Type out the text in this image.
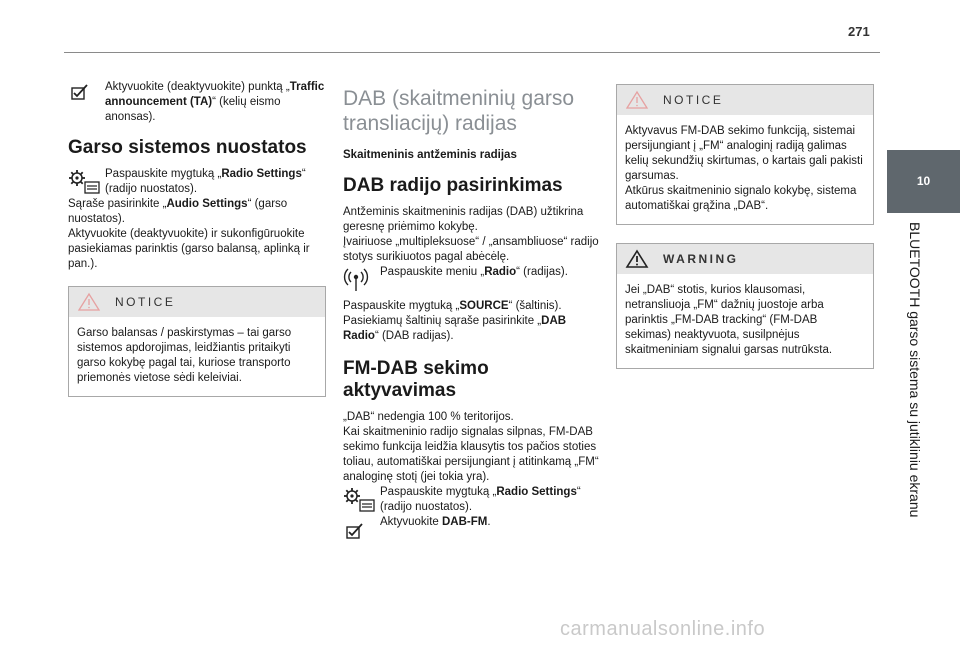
271

Aktyvuokite (deaktyvuokite) punktą „Traffic announcement (TA)“ (kelių eismo anonsas).

Garso sistemos nuostatos

Paspauskite mygtuką „Radio Settings“ (radijo nuostatos).

Sąraše pasirinkite „Audio Settings“ (garso nuostatos).

Aktyvuokite (deaktyvuokite) ir sukonfigūruokite pasiekiamas parinktis (garso balansą, aplinką ir pan.).

NOTICE
Garso balansas / paskirstymas – tai garso sistemos apdorojimas, leidžiantis pritaikyti garso kokybę pagal tai, kuriose transporto priemonės vietose sėdi keleiviai.
DAB (skaitmeninių garso transliacijų) radijas
Skaitmeninis antžeminis radijas
DAB radijo pasirinkimas

Antžeminis skaitmeninis radijas (DAB) užtikrina geresnę priėmimo kokybę.

Įvairiuose „multipleksuose“ / „ansambliuose“ radijo stotys surikiuotos pagal abėcėlę.

Paspauskite meniu „Radio“ (radijas).

Paspauskite mygtuką „SOURCE“ (šaltinis).

Pasiekiamų šaltinių sąraše pasirinkite „DAB Radio“ (DAB radijas).

FM-DAB sekimo aktyvavimas

„DAB“ nedengia 100 % teritorijos.
Kai skaitmeninio radijo signalas silpnas, FM-DAB sekimo funkcija leidžia klausytis tos pačios stoties toliau, automatiškai persijungiant į atitinkamą „FM“ analoginę stotį (jei tokia yra).

Paspauskite mygtuką „Radio Settings“ (radijo nuostatos).

Aktyvuokite DAB-FM.

NOTICE
Aktyvavus FM-DAB sekimo funkciją, sistemai persijungiant į „FM“ analoginį radiją galimas kelių sekundžių skirtumas, o kartais gali pakisti garsumas.
Atkūrus skaitmeninio signalo kokybę, sistema automatiškai grąžina „DAB“.
WARNING
Jei „DAB“ stotis, kurios klausomasi, netransliuoja „FM“ dažnių juostoje arba parinktis „FM-DAB tracking“ (FM-DAB sekimas) neaktyvuota, susilpnėjus skaitmeniniam signalui garsas nutrūksta.
10
BLUETOOTH garso sistema su jutikliniu ekranu
carmanualsonline.info
